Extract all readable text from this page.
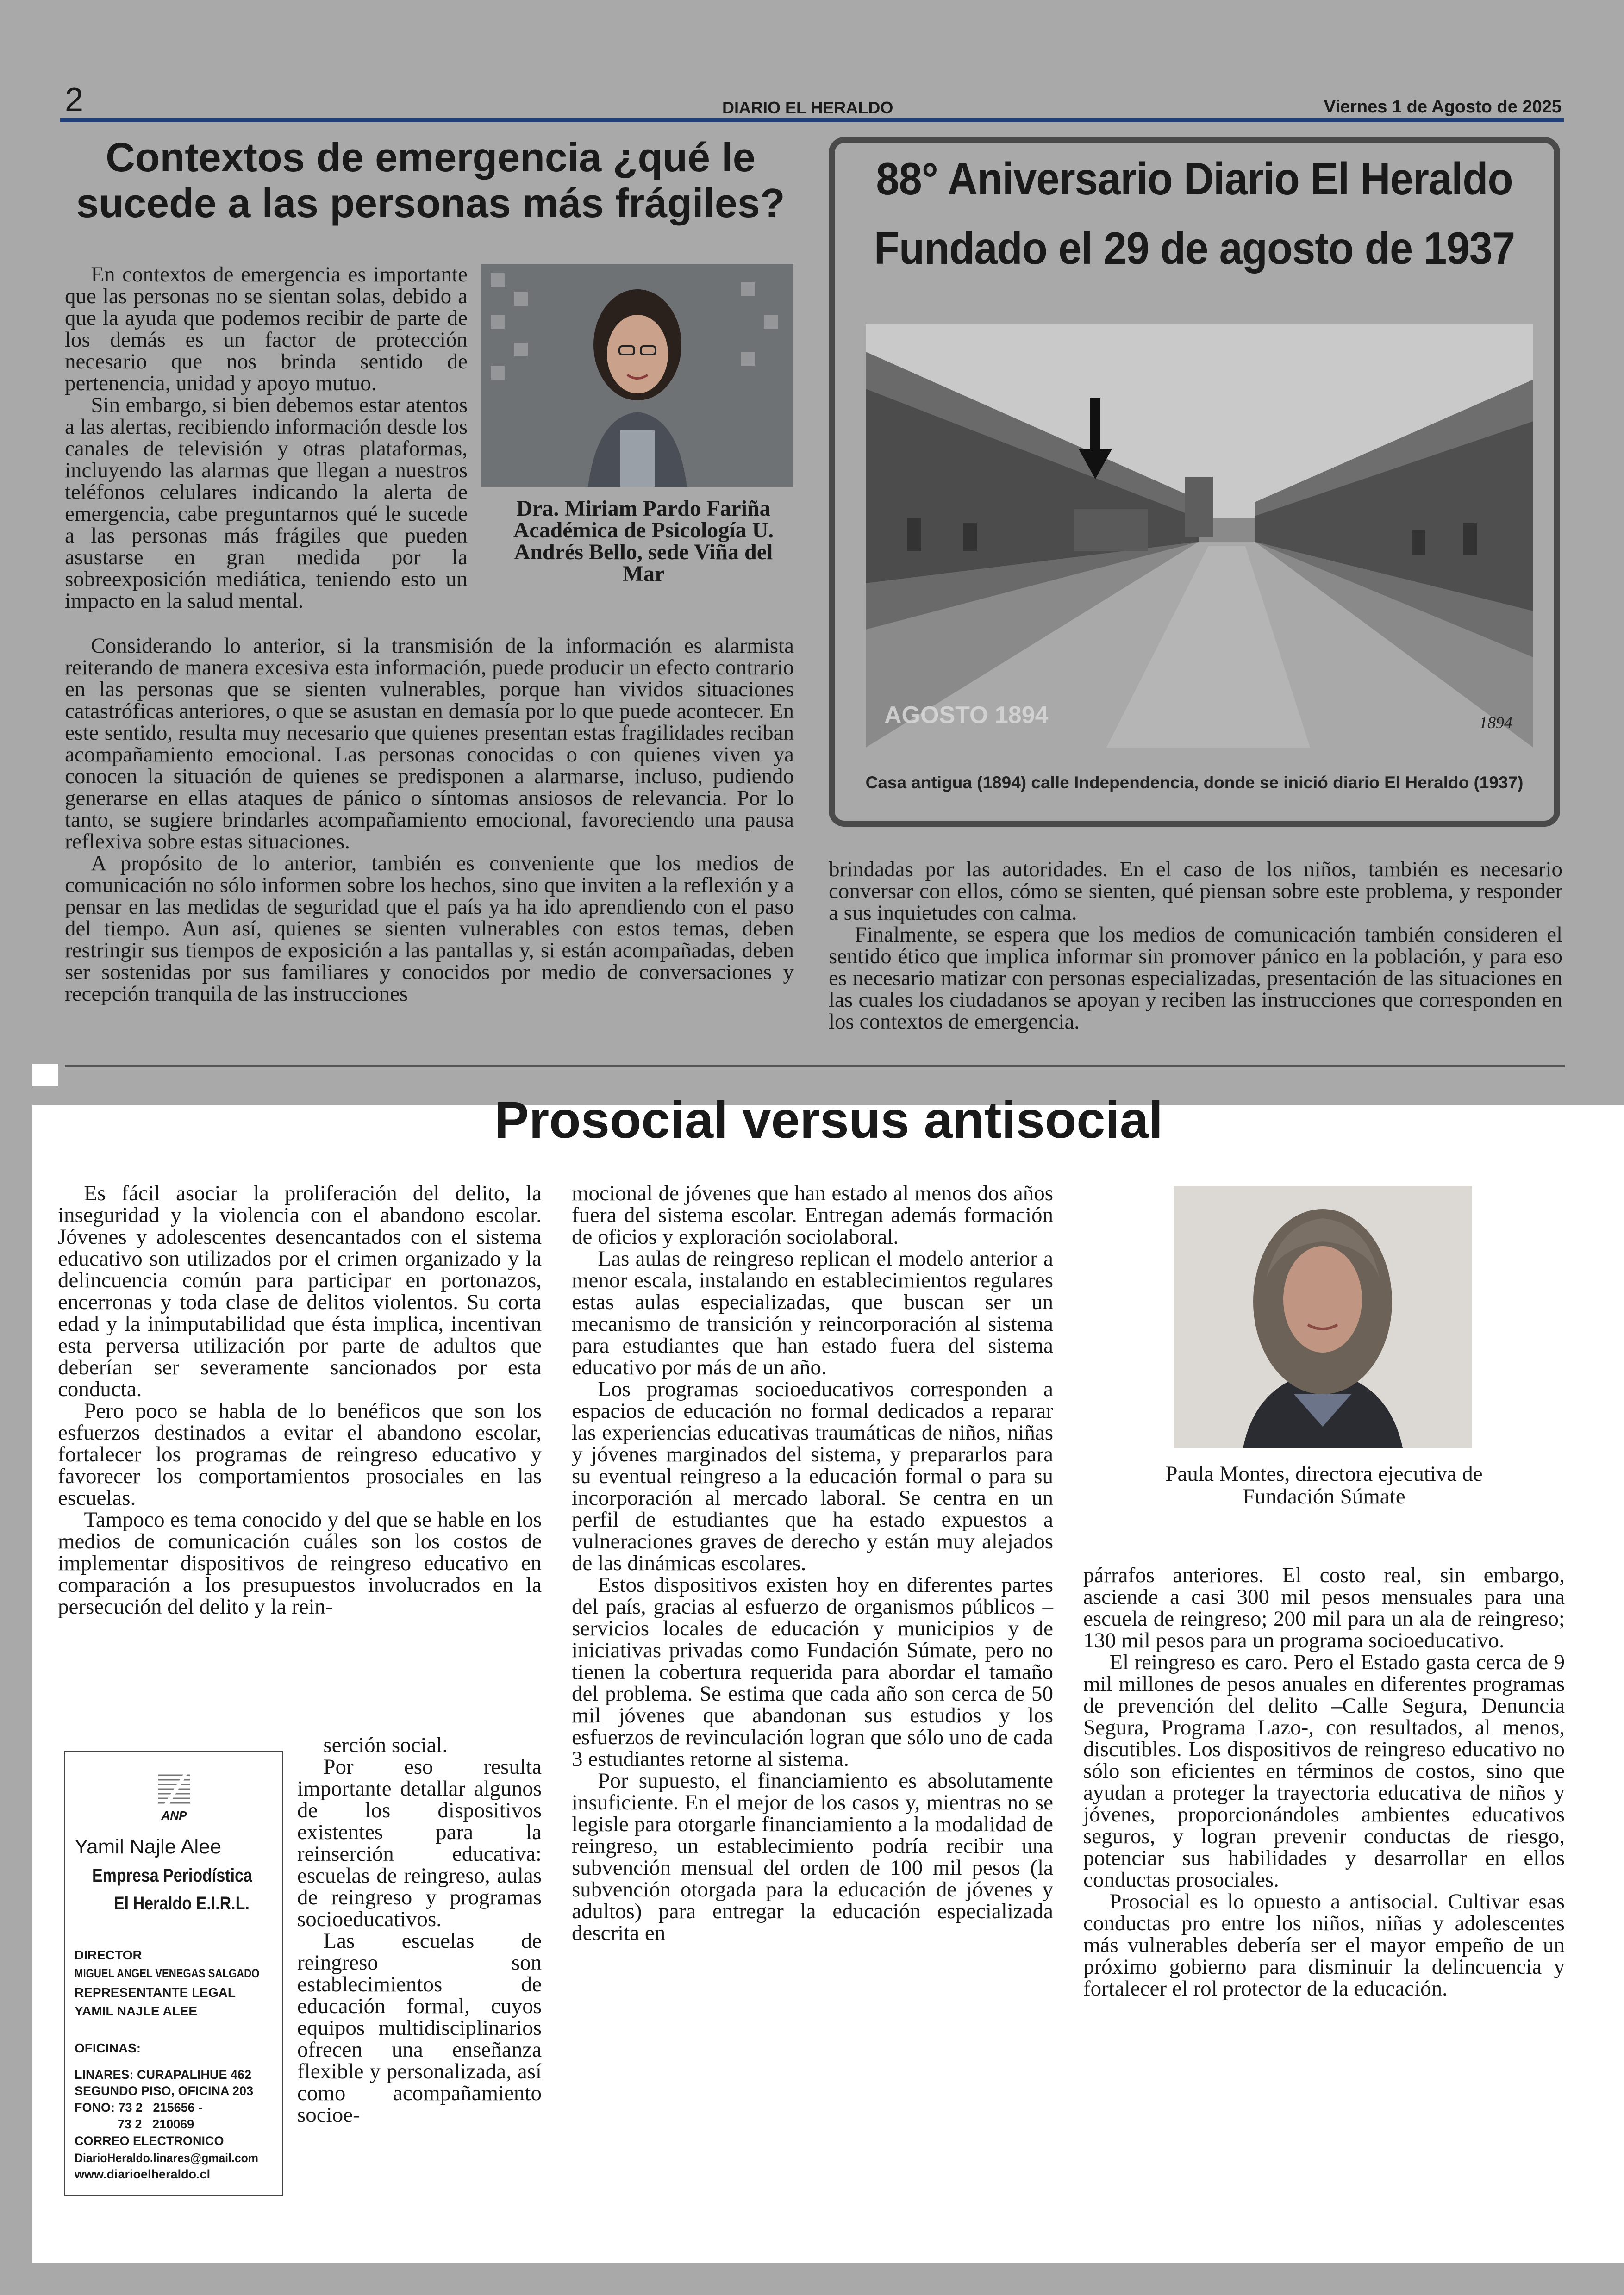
2	DIARIO EL HERALDO	Viernes 1 de Agosto de 2025
Contextos de emergencia ¿qué le sucede a las personas más frágiles?
Dra. Miriam Pardo Fariña
Académica de Psicología U. Andrés Bello, sede Viña del Mar

En contextos de emergencia es importante que las personas no se sientan solas, debido a que la ayuda que podemos recibir de parte de los demás es un factor de protección necesario que nos brinda sentido de pertenencia, unidad y apoyo mutuo.

Sin embargo, si bien debemos estar atentos a las alertas, recibiendo información desde los canales de televisión y otras plataformas, incluyendo las alarmas que llegan a nuestros teléfonos celulares indicando la alerta de emergencia, cabe preguntarnos qué le sucede a las personas más frágiles que pueden asustarse en gran medida por la sobreexposición mediática, teniendo esto un impacto en la salud mental.

Considerando lo anterior, si la transmisión de la información es alarmista reiterando de manera excesiva esta información, puede producir un efecto contrario en las personas que se sienten vulnerables, porque han vividos situaciones catastróficas anteriores, o que se asustan en demasía por lo que puede acontecer. En este sentido, resulta muy necesario que quienes presentan estas fragilidades reciban acompañamiento emocional. Las personas conocidas o con quienes viven ya conocen la situación de quienes se predisponen a alarmarse, incluso, pudiendo generarse en ellas ataques de pánico o síntomas ansiosos de relevancia. Por lo tanto, se sugiere brindarles acompañamiento emocional, favoreciendo una pausa reflexiva sobre estas situaciones.

A propósito de lo anterior, también es conveniente que los medios de comunicación no sólo informen sobre los hechos, sino que inviten a la reflexión y a pensar en las medidas de seguridad que el país ya ha ido aprendiendo con el paso del tiempo. Aun así, quienes se sienten vulnerables con estos temas, deben restringir sus tiempos de exposición a las pantallas y, si están acompañadas, deben ser sostenidas por sus familiares y conocidos por medio de conversaciones y recepción tranquila de las instrucciones

brindadas por las autoridades. En el caso de los niños, también es necesario conversar con ellos, cómo se sienten, qué piensan sobre este problema, y responder a sus inquietudes con calma.

Finalmente, se espera que los medios de comunicación también consideren el sentido ético que implica informar sin promover pánico en la población, y para eso es necesario matizar con personas especializadas, presentación de las situaciones en las cuales los ciudadanos se apoyan y reciben las instrucciones que corresponden en los contextos de emergencia.

88° Aniversario Diario El Heraldo
Fundado el 29 de agosto de 1937
AGOSTO 1894	1894
Casa antigua (1894) calle Independencia, donde se inició diario El Heraldo (1937)
Prosocial versus antisocial

Es fácil asociar la proliferación del delito, la inseguridad y la violencia con el abandono escolar. Jóvenes y adolescentes desencantados con el sistema educativo son utilizados por el crimen organizado y la delincuencia común para participar en portonazos, encerronas y toda clase de delitos violentos. Su corta edad y la inimputabilidad que ésta implica, incentivan esta perversa utilización por parte de adultos que deberían ser severamente sancionados por esta conducta.

Pero poco se habla de lo benéficos que son los esfuerzos destinados a evitar el abandono escolar, fortalecer los programas de reingreso educativo y favorecer los comportamientos prosociales en las escuelas.

Tampoco es tema conocido y del que se hable en los medios de comunicación cuáles son los costos de implementar dispositivos de reingreso educativo en comparación a los presupuestos involucrados en la persecución del delito y la rein-

serción social.

Por eso resulta importante detallar algunos de los dispositivos existentes para la reinserción educativa: escuelas de reingreso, aulas de reingreso y programas socioeducativos.

Las escuelas de reingreso son establecimientos de educación formal, cuyos equipos multidisciplinarios ofrecen una enseñanza flexible y personalizada, así como acompañamiento socioe-

ANP
Yamil Najle Alee
Empresa Periodística
El Heraldo E.I.R.L.
DIRECTOR
MIGUEL ANGEL VENEGAS SALGADO
REPRESENTANTE LEGAL
YAMIL NAJLE ALEE
OFICINAS:
LINARES: CURAPALIHUE 462
SEGUNDO PISO, OFICINA 203
FONO: 73 2   215656 -
73 2   210069
CORREO ELECTRONICO
DiarioHeraldo.linares@gmail.com
www.diarioelheraldo.cl

mocional de jóvenes que han estado al menos dos años fuera del sistema escolar. Entregan además formación de oficios y exploración sociolaboral.

Las aulas de reingreso replican el modelo anterior a menor escala, instalando en establecimientos regulares estas aulas especializadas, que buscan ser un mecanismo de transición y reincorporación al sistema para estudiantes que han estado fuera del sistema educativo por más de un año.

Los programas socioeducativos corresponden a espacios de educación no formal dedicados a reparar las experiencias educativas traumáticas de niños, niñas y jóvenes marginados del sistema, y prepararlos para su eventual reingreso a la educación formal o para su incorporación al mercado laboral. Se centra en un perfil de estudiantes que ha estado expuestos a vulneraciones graves de derecho y están muy alejados de las dinámicas escolares.

Estos dispositivos existen hoy en diferentes partes del país, gracias al esfuerzo de organismos públicos –servicios locales de educación y municipios y de iniciativas privadas como Fundación Súmate, pero no tienen la cobertura requerida para abordar el tamaño del problema. Se estima que cada año son cerca de 50 mil jóvenes que abandonan sus estudios y los esfuerzos de revinculación logran que sólo uno de cada 3 estudiantes retorne al sistema.

Por supuesto, el financiamiento es absolutamente insuficiente. En el mejor de los casos y, mientras no se legisle para otorgarle financiamiento a la modalidad de reingreso, un establecimiento podría recibir una subvención mensual del orden de 100 mil pesos (la subvención otorgada para la educación de jóvenes y adultos) para entregar la educación especializada descrita en

Paula Montes, directora ejecutiva de Fundación Súmate

párrafos anteriores. El costo real, sin embargo, asciende a casi 300 mil pesos mensuales para una escuela de reingreso; 200 mil para un ala de reingreso; 130 mil pesos para un programa socioeducativo.

El reingreso es caro. Pero el Estado gasta cerca de 9 mil millones de pesos anuales en diferentes programas de prevención del delito –Calle Segura, Denuncia Segura, Programa Lazo-, con resultados, al menos, discutibles. Los dispositivos de reingreso educativo no sólo son eficientes en términos de costos, sino que ayudan a proteger la trayectoria educativa de niños y jóvenes, proporcionándoles ambientes educativos seguros, y logran prevenir conductas de riesgo, potenciar sus habilidades y desarrollar en ellos conductas prosociales.

Prosocial es lo opuesto a antisocial. Cultivar esas conductas pro entre los niños, niñas y adolescentes más vulnerables debería ser el mayor empeño de un próximo gobierno para disminuir la delincuencia y fortalecer el rol protector de la educación.
